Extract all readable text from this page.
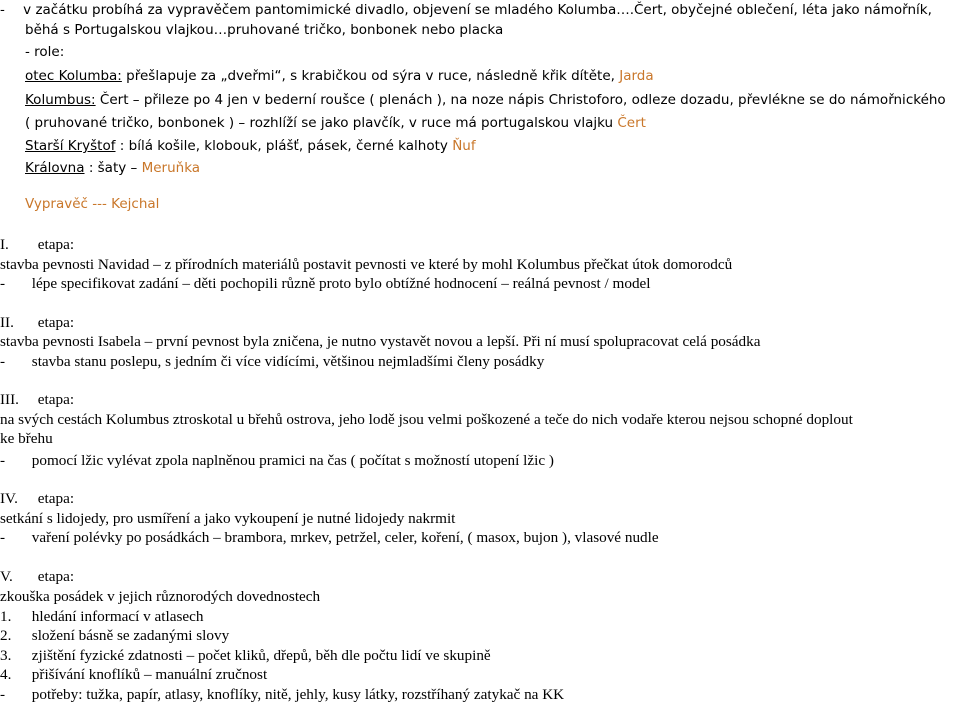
- v začátku probíhá za vypravěčem pantomimické divadlo, objevení se mladého Kolumba….Čert, obyčejné oblečení, léta jako námořník,
běhá s Portugalskou vlajkou…pruhované tričko, bonbonek nebo placka
- role:
otec Kolumba: přešlapuje za „dveřmi“, s krabičkou od sýra v ruce, následně křik dítěte, Jarda
Kolumbus: Čert – přileze po 4 jen v bederní roušce ( plenách ), na noze nápis Christoforo, odleze dozadu, převlékne se do námořnického
( pruhované tričko, bonbonek ) – rozhlíží se jako plavčík, v ruce má portugalskou vlajku Čert
Starší Kryštof : bílá košile, klobouk, plášť, pásek, černé kalhoty Ňuf
Královna : šaty – Meruňka
Vypravěč --- Kejchal
I. etapa:
stavba pevnosti Navidad – z přírodních materiálů postavit pevnosti ve které by mohl Kolumbus přečkat útok domorodců
- lépe specifikovat zadání – děti pochopili různě proto bylo obtížné hodnocení – reálná pevnost / model
II. etapa:
stavba pevnosti Isabela – první pevnost byla zničena, je nutno vystavět novou a lepší. Při ní musí spolupracovat celá posádka
- stavba stanu poslepu, s jedním či více vidícími, většinou nejmladšími členy posádky
III. etapa:
na svých cestách Kolumbus ztroskotal u břehů ostrova, jeho lodě jsou velmi poškozené a teče do nich vodaře kterou nejsou schopné doplout
ke břehu
- pomocí lžic vylévat zpola naplněnou pramici na čas ( počítat s možností utopení lžic )
IV. etapa:
setkání s lidojedy, pro usmíření a jako vykoupení je nutné lidojedy nakrmit
- vaření polévky po posádkách – brambora, mrkev, petržel, celer, koření, ( masox, bujon ), vlasové nudle
V. etapa:
zkouška posádek v jejich různorodých dovednostech
1. hledání informací v atlasech
2. složení básně se zadanými slovy
3. zjištění fyzické zdatnosti – počet kliků, dřepů, běh dle počtu lidí ve skupině
4. přišívání knoflíků – manuální zručnost
- potřeby: tužka, papír, atlasy, knoflíky, nitě, jehly, kusy látky, rozstříhaný zatykač na KK
